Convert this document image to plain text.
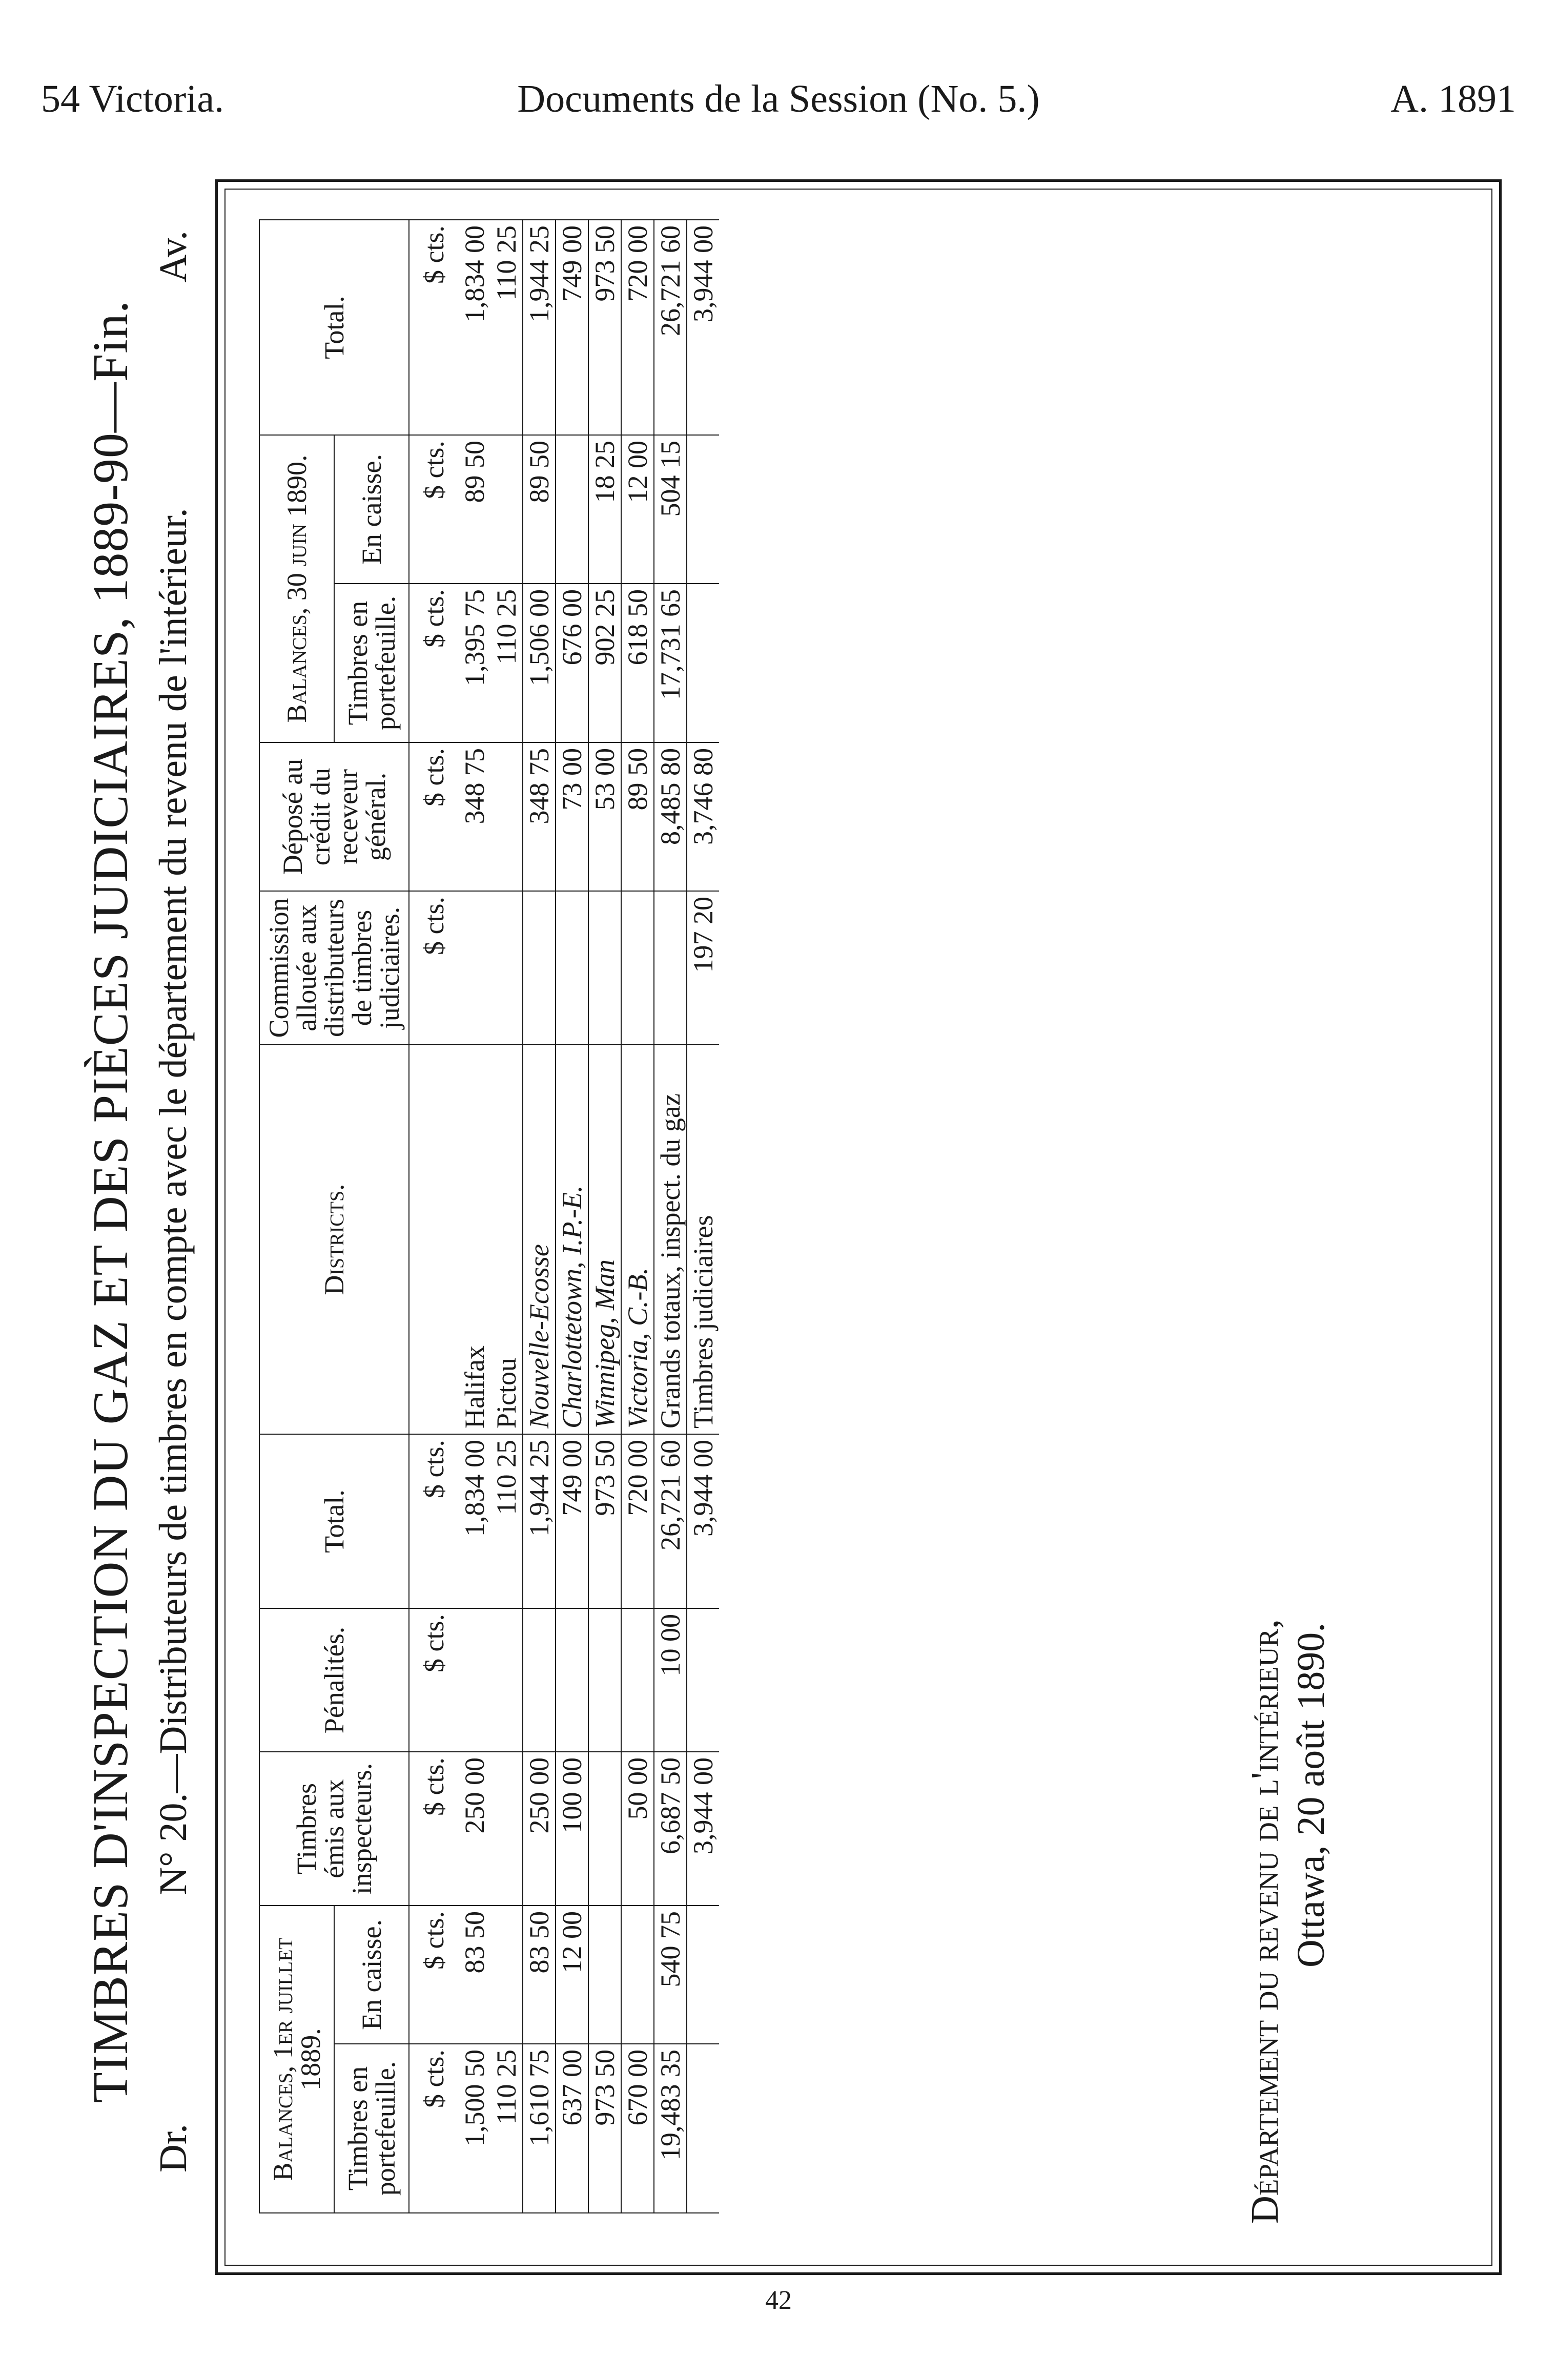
54 Victoria.	Documents de la Session (No. 5.)	A. 1891
TIMBRES D'INSPECTION DU GAZ ET DES PIÈCES JUDICIAIRES, 1889-90—Fin.
Dr.
N° 20.—Distributeurs de timbres en compte avec le département du revenu de l'intérieur.
Av.
Balances, 1er juillet 1889.		Timbres émis aux inspecteurs.	Pénalités.	Total.	Districts.	Commission allouée aux distributeurs de timbres judiciaires.	Déposé au crédit du receveur général.	Balances, 30 juin 1890.		Total.
Timbres en portefeuille.	En caisse.							Timbres en portefeuille.	En caisse.	
$ cts.	$ cts.	$ cts.	$ cts.	$ cts.		$ cts.	$ cts.	$ cts.	$ cts.	$ cts.
1,500 50	83 50	250 00		1,834 00	Halifax		348 75	1,395 75	89 50	1,834 00
110 25				110 25	Pictou			110 25		110 25
1,610 75	83 50	250 00		1,944 25	Nouvelle-Ecosse		348 75	1,506 00	89 50	1,944 25
637 00	12 00	100 00		749 00	Charlottetown, I.P.-E.		73 00	676 00		749 00
973 50				973 50	Winnipeg, Man		53 00	902 25	18 25	973 50
670 00		50 00		720 00	Victoria, C.-B.		89 50	618 50	12 00	720 00
19,483 35	540 75	6,687 50	10 00	26,721 60	Grands totaux, inspect. du gaz		8,485 80	17,731 65	504 15	26,721 60
		3,944 00		3,944 00	Timbres judiciaires	197 20	3,746 80			3,944 00
Département du revenu de l'intérieur, Ottawa, 20 août 1890.
42
